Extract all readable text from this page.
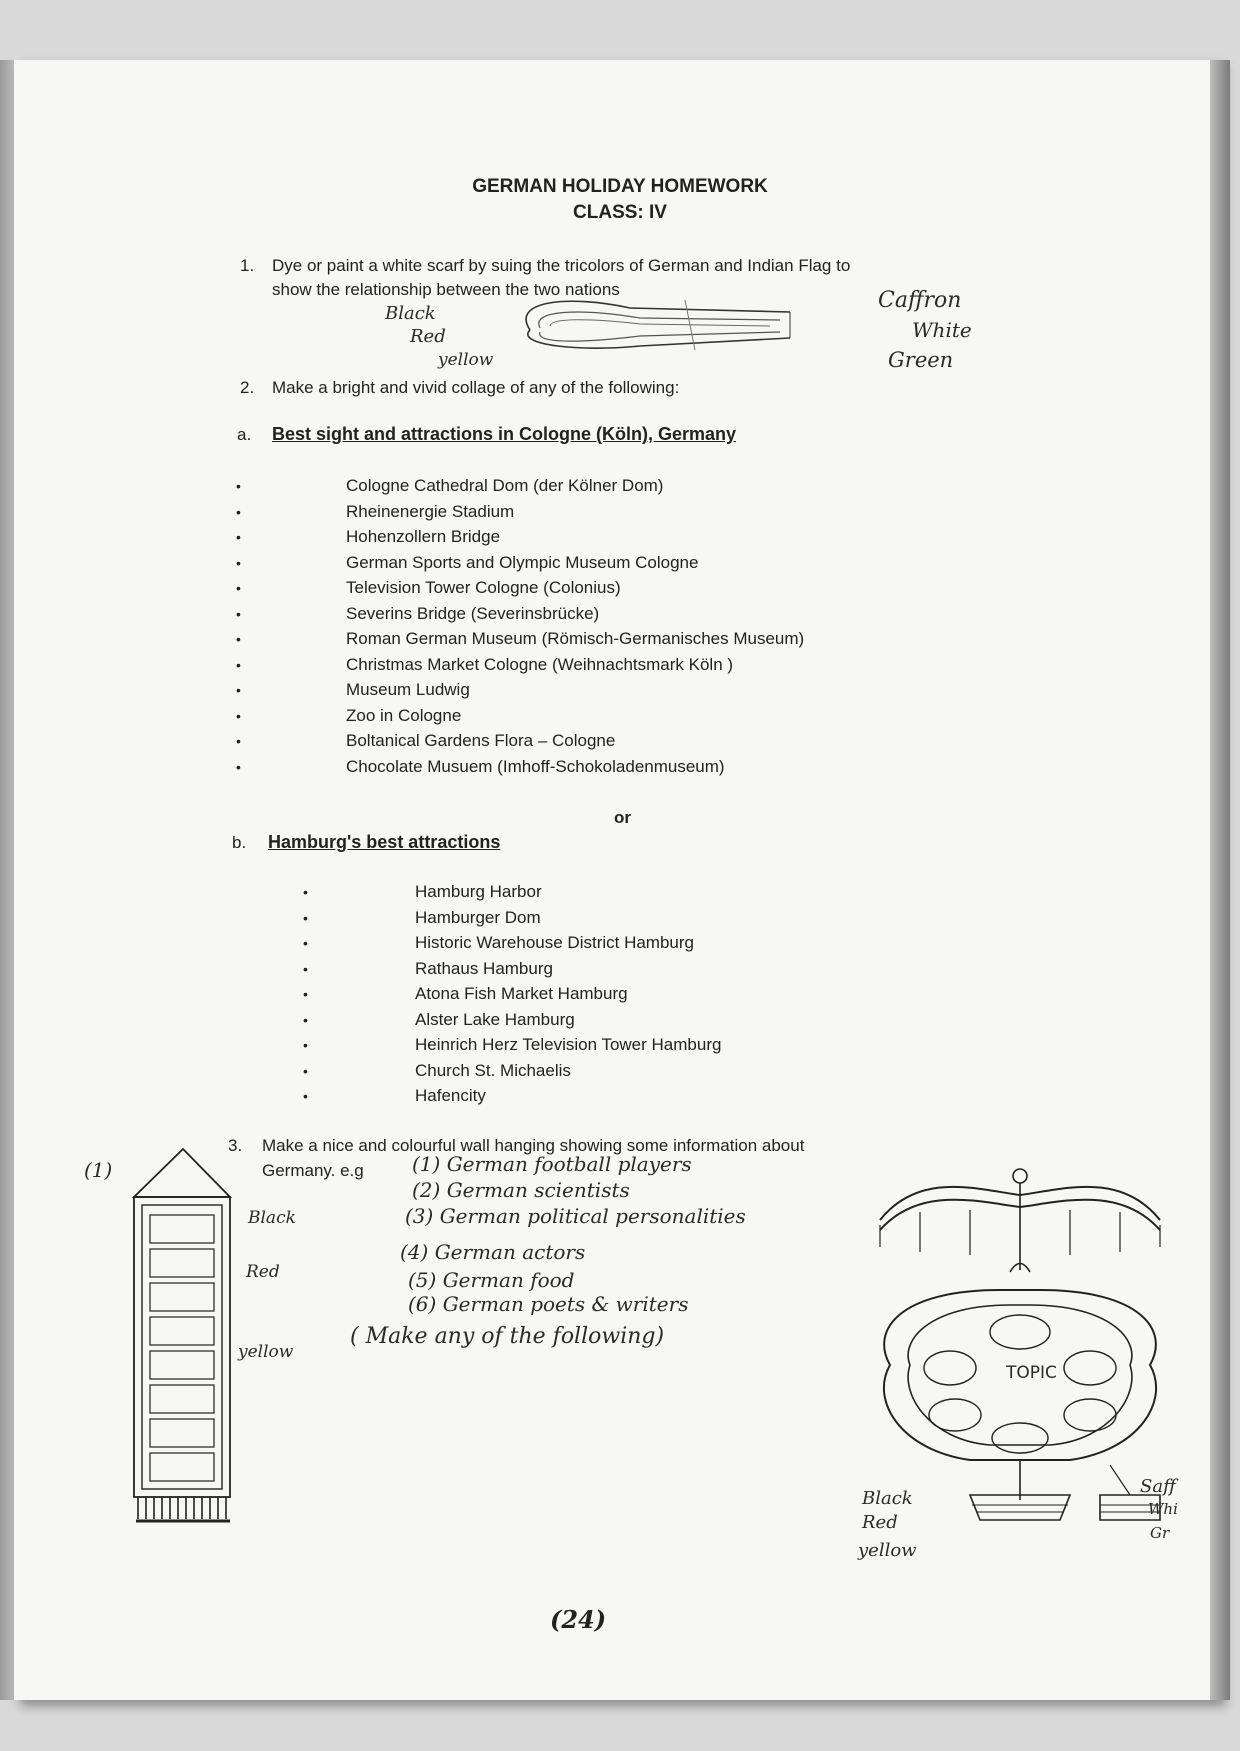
GERMAN HOLIDAY HOMEWORK
CLASS: IV
1. Dye or paint a white scarf by suing the tricolors of German and Indian Flag to
show the relationship between the two nations
Black
Red
yellow
Caffron
White
Green
2. Make a bright and vivid collage of any of the following:
a. Best sight and attractions in Cologne (Köln), Germany
•	Cologne Cathedral Dom (der Kölner Dom)
•	Rheinenergie Stadium
•	Hohenzollern Bridge
•	German Sports and Olympic Museum Cologne
•	Television Tower Cologne (Colonius)
•	Severins Bridge (Severinsbrücke)
•	Roman German Museum (Römisch-Germanisches Museum)
•	Christmas Market Cologne (Weihnachtsmark Köln )
•	Museum Ludwig
•	Zoo in Cologne
•	Boltanical Gardens Flora – Cologne
•	Chocolate Musuem (Imhoff-Schokoladenmuseum)
or
b. Hamburg's best attractions
•	Hamburg Harbor
•	Hamburger Dom
•	Historic Warehouse District Hamburg
•	Rathaus Hamburg
•	Atona Fish Market Hamburg
•	Alster Lake Hamburg
•	Heinrich Herz Television Tower Hamburg
•	Church St. Michaelis
•	Hafencity
3. Make a nice and colourful wall hanging showing some information about
Germany. e.g (1) German football players
(2) German scientists
(3) German political personalities
(4) German actors
(5) German food
(6) German poets & writers
( Make any of the following)
(1)
Black
Red
yellow
TOPIC
Black
Red
yellow
Saff
Whi
Gr
(24)
